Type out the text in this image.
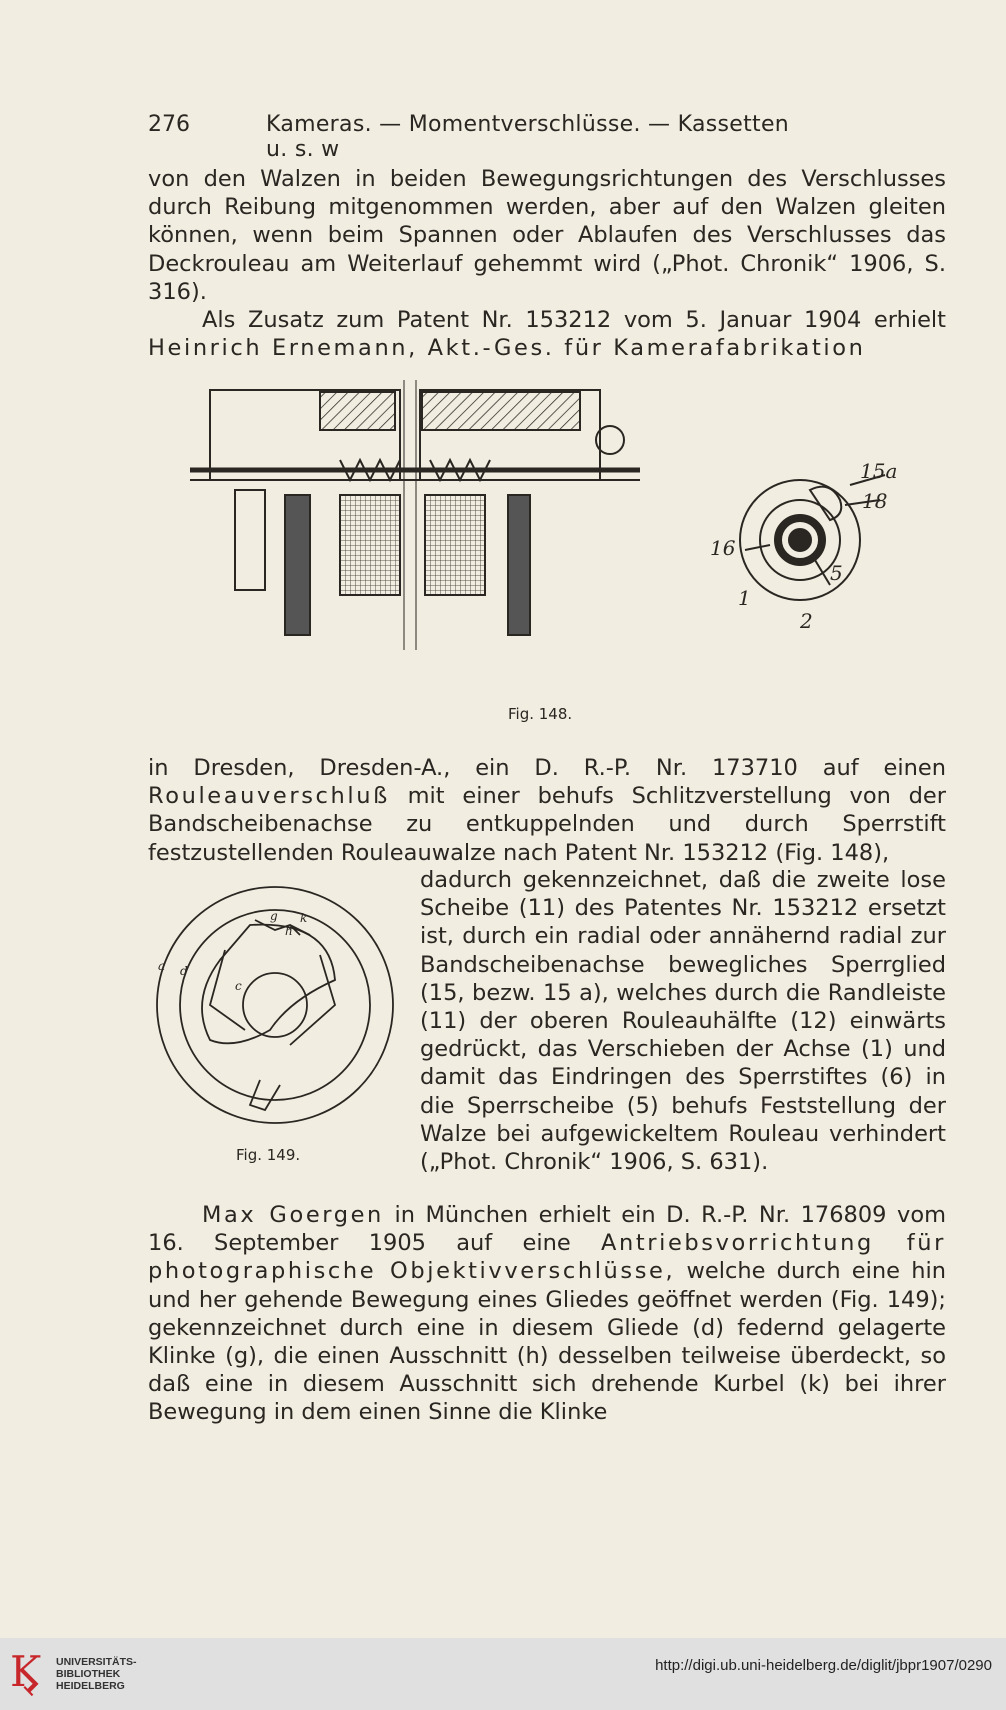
276	Kameras. — Momentverschlüsse. — Kassetten u. s. w

von den Walzen in beiden Bewegungsrichtungen des Verschlusses durch Reibung mitgenommen werden, aber auf den Walzen gleiten können, wenn beim Spannen oder Ablaufen des Verschlusses das Deckrouleau am Weiterlauf gehemmt wird („Phot. Chronik“ 1906, S. 316).

Als Zusatz zum Patent Nr. 153212 vom 5. Januar 1904 erhielt Heinrich Ernemann, Akt.-Ges. für Kamerafabrikation

15a
18
16
5
1
2
Fig. 148.

in Dresden, Dresden-A., ein D. R.-P. Nr. 173710 auf einen Rouleauverschluß mit einer behufs Schlitzverstellung von der Bandscheibenachse zu entkuppelnden und durch Sperrstift festzustellenden Rouleauwalze nach Patent Nr. 153212 (Fig. 148),

a d
c
g
h
k
Fig. 149.

dadurch gekennzeichnet, daß die zweite lose Scheibe (11) des Patentes Nr. 153212 ersetzt ist, durch ein radial oder annähernd radial zur Bandscheibenachse bewegliches Sperrglied (15, bezw. 15 a), welches durch die Randleiste (11) der oberen Rouleauhälfte (12) einwärts gedrückt, das Verschieben der Achse (1) und damit das Eindringen des Sperrstiftes (6) in die Sperrscheibe (5) behufs Feststellung der Walze bei aufgewickeltem Rouleau verhindert („Phot. Chronik“ 1906, S. 631).

Max Goergen in München erhielt ein D. R.-P. Nr. 176809 vom 16. September 1905 auf eine Antriebsvorrichtung für photographische Objektivverschlüsse, welche durch eine hin und her gehende Bewegung eines Gliedes geöffnet werden (Fig. 149); gekennzeichnet durch eine in diesem Gliede (d) federnd gelagerte Klinke (g), die einen Ausschnitt (h) desselben teilweise überdeckt, so daß eine in diesem Ausschnitt sich drehende Kurbel (k) bei ihrer Bewegung in dem einen Sinne die Klinke

Ϗ UNIVERSITÄTS-
BIBLIOTHEK
HEIDELBERG
http://digi.ub.uni-heidelberg.de/diglit/jbpr1907/0290
